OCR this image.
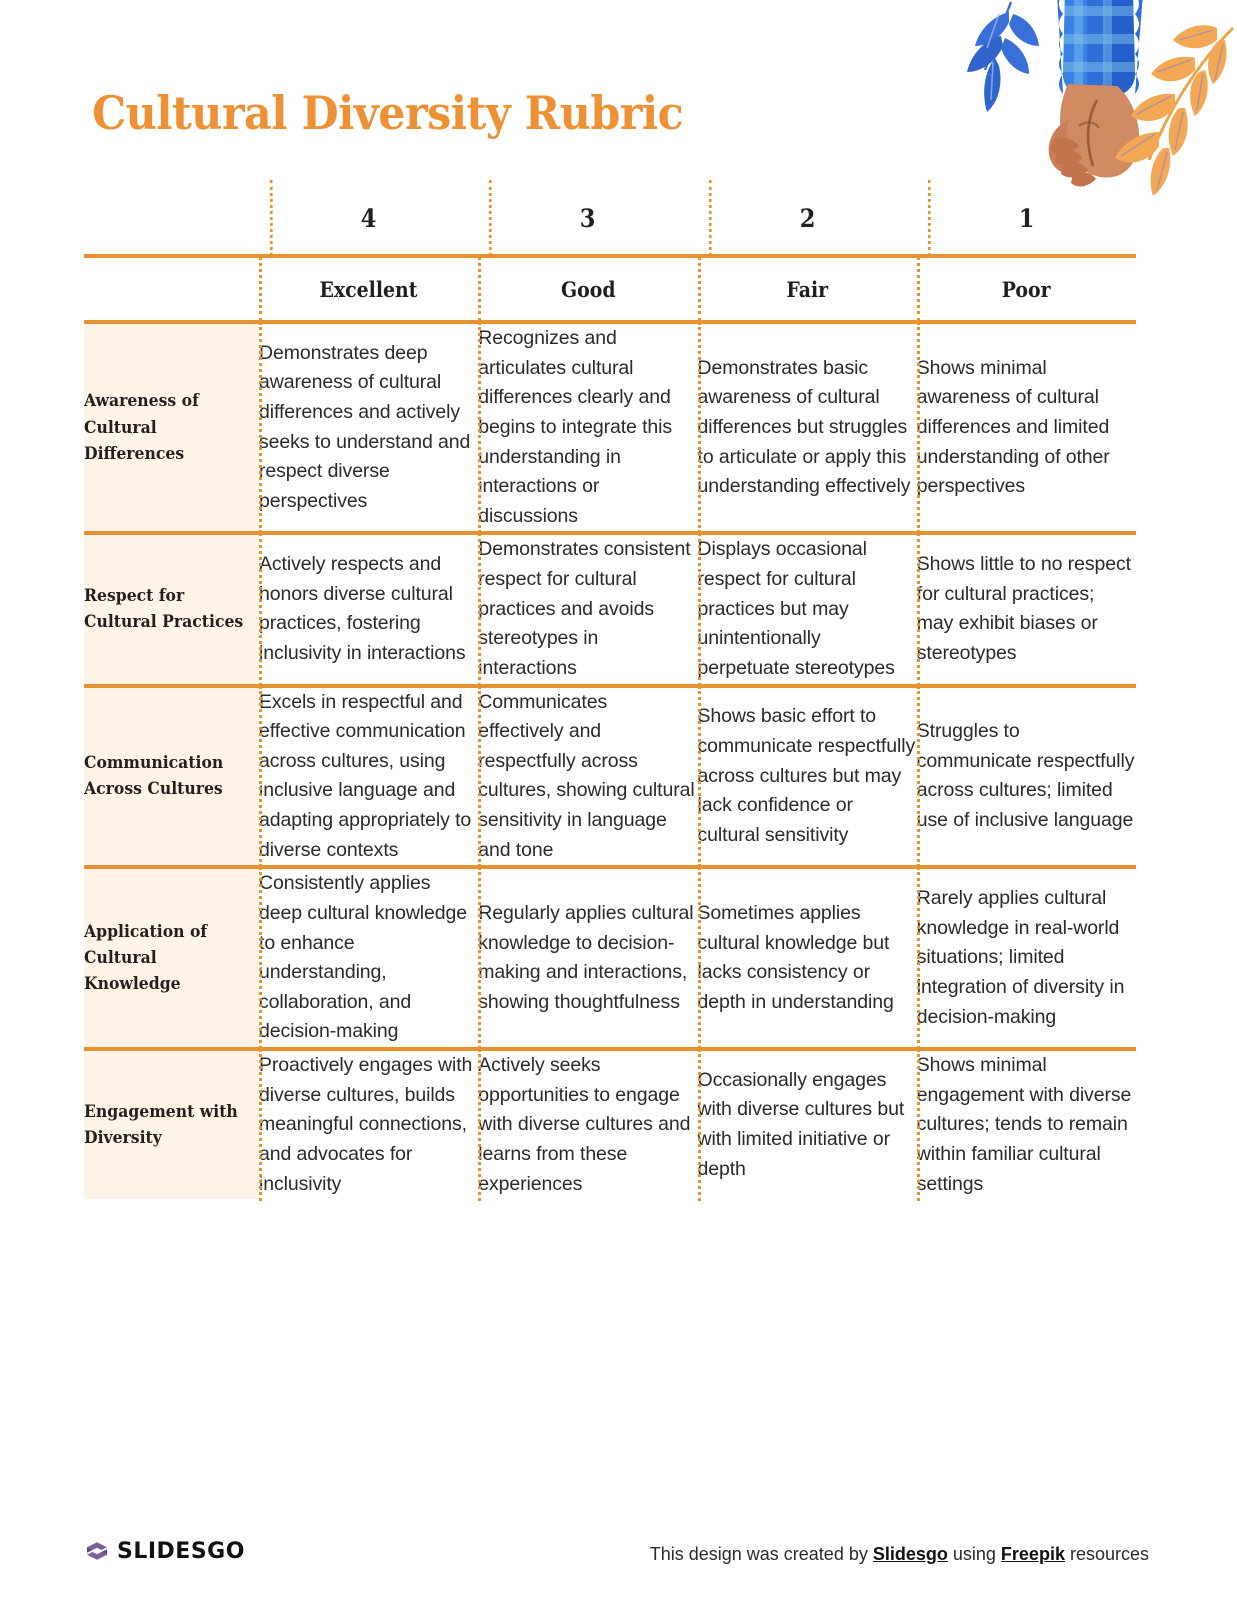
Cultural Diversity Rubric
	4	3	2	1

	Excellent	Good	Fair	Poor

Awareness of Cultural Differences	Demonstrates deep awareness of cultural differences and actively seeks to understand and respect diverse perspectives	Recognizes and articulates cultural differences clearly and begins to integrate this understanding in interactions or discussions	Demonstrates basic awareness of cultural differences but struggles to articulate or apply this understanding effectively	Shows minimal awareness of cultural differences and limited understanding of other perspectives

Respect for Cultural Practices	Actively respects and honors diverse cultural practices, fostering inclusivity in interactions	Demonstrates consistent respect for cultural practices and avoids stereotypes in interactions	Displays occasional respect for cultural practices but may unintentionally perpetuate stereotypes	Shows little to no respect for cultural practices; may exhibit biases or stereotypes

Communication Across Cultures	Excels in respectful and effective communication across cultures, using inclusive language and adapting appropriately to diverse contexts	Communicates effectively and respectfully across cultures, showing cultural sensitivity in language and tone	Shows basic effort to communicate respectfully across cultures but may lack confidence or cultural sensitivity	Struggles to communicate respectfully across cultures; limited use of inclusive language

Application of Cultural Knowledge	Consistently applies deep cultural knowledge to enhance understanding, collaboration, and decision-making	Regularly applies cultural knowledge to decision-making and interactions, showing thoughtfulness	Sometimes applies cultural knowledge but lacks consistency or depth in understanding	Rarely applies cultural knowledge in real-world situations; limited integration of diversity in decision-making

Engagement with Diversity	Proactively engages with diverse cultures, builds meaningful connections, and advocates for inclusivity	Actively seeks opportunities to engage with diverse cultures and learns from these experiences	Occasionally engages with diverse cultures but with limited initiative or depth	Shows minimal engagement with diverse cultures; tends to remain within familiar cultural settings
SLIDESGO	This design was created by Slidesgo using Freepik resources
